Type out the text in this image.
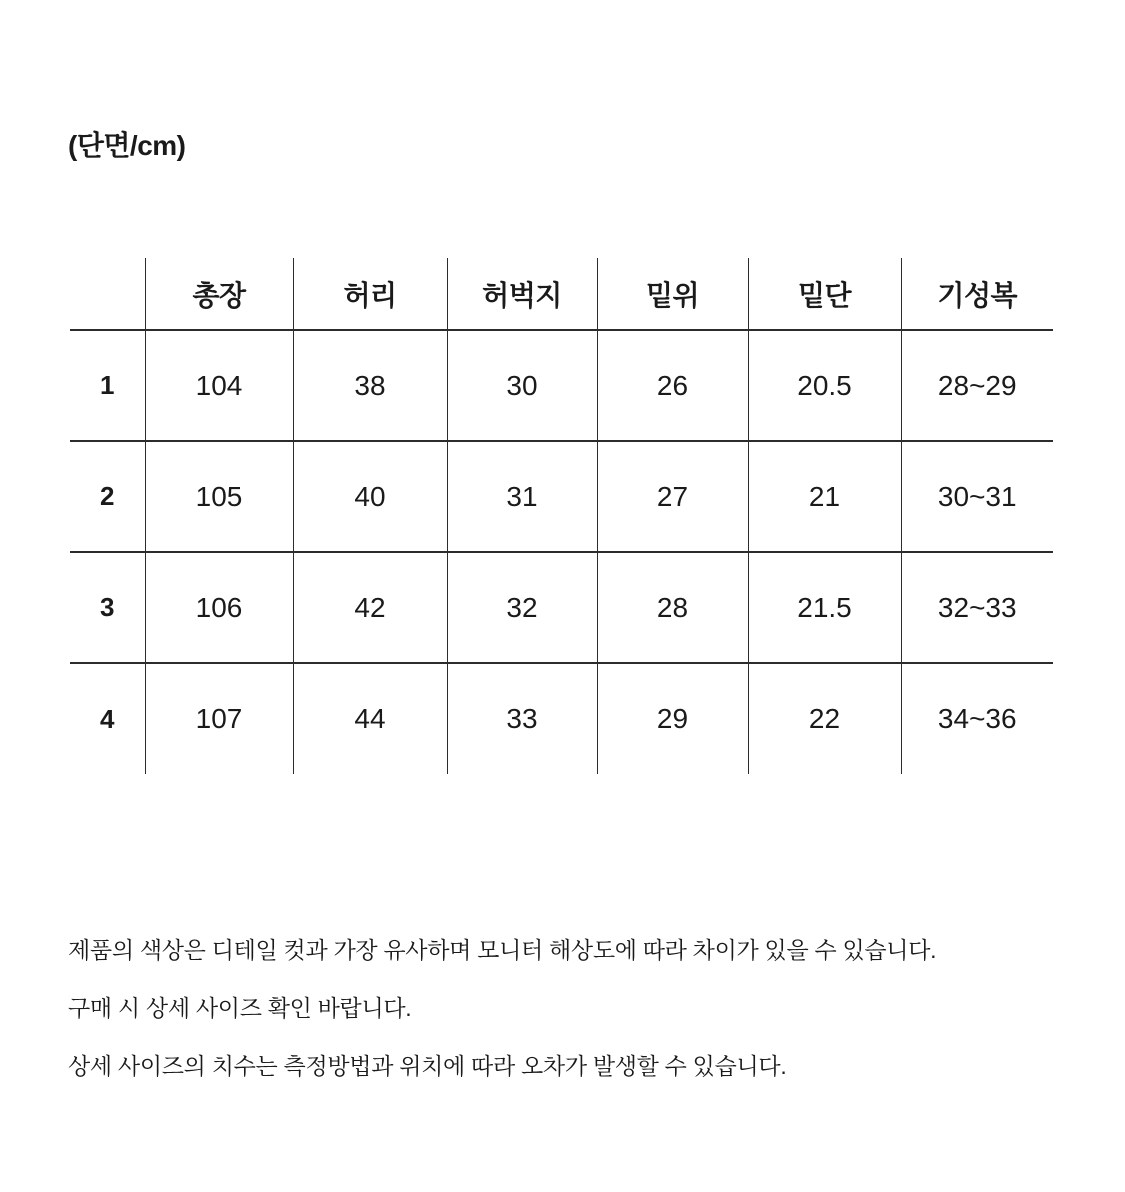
(단면/cm)
	총장	허리	허벅지	밑위	밑단	기성복
1	104	38	30	26	20.5	28~29
2	105	40	31	27	21	30~31
3	106	42	32	28	21.5	32~33
4	107	44	33	29	22	34~36
제품의 색상은 디테일 컷과 가장 유사하며 모니터 해상도에 따라 차이가 있을 수 있습니다.
구매 시 상세 사이즈 확인 바랍니다.
상세 사이즈의 치수는 측정방법과 위치에 따라 오차가 발생할 수 있습니다.
